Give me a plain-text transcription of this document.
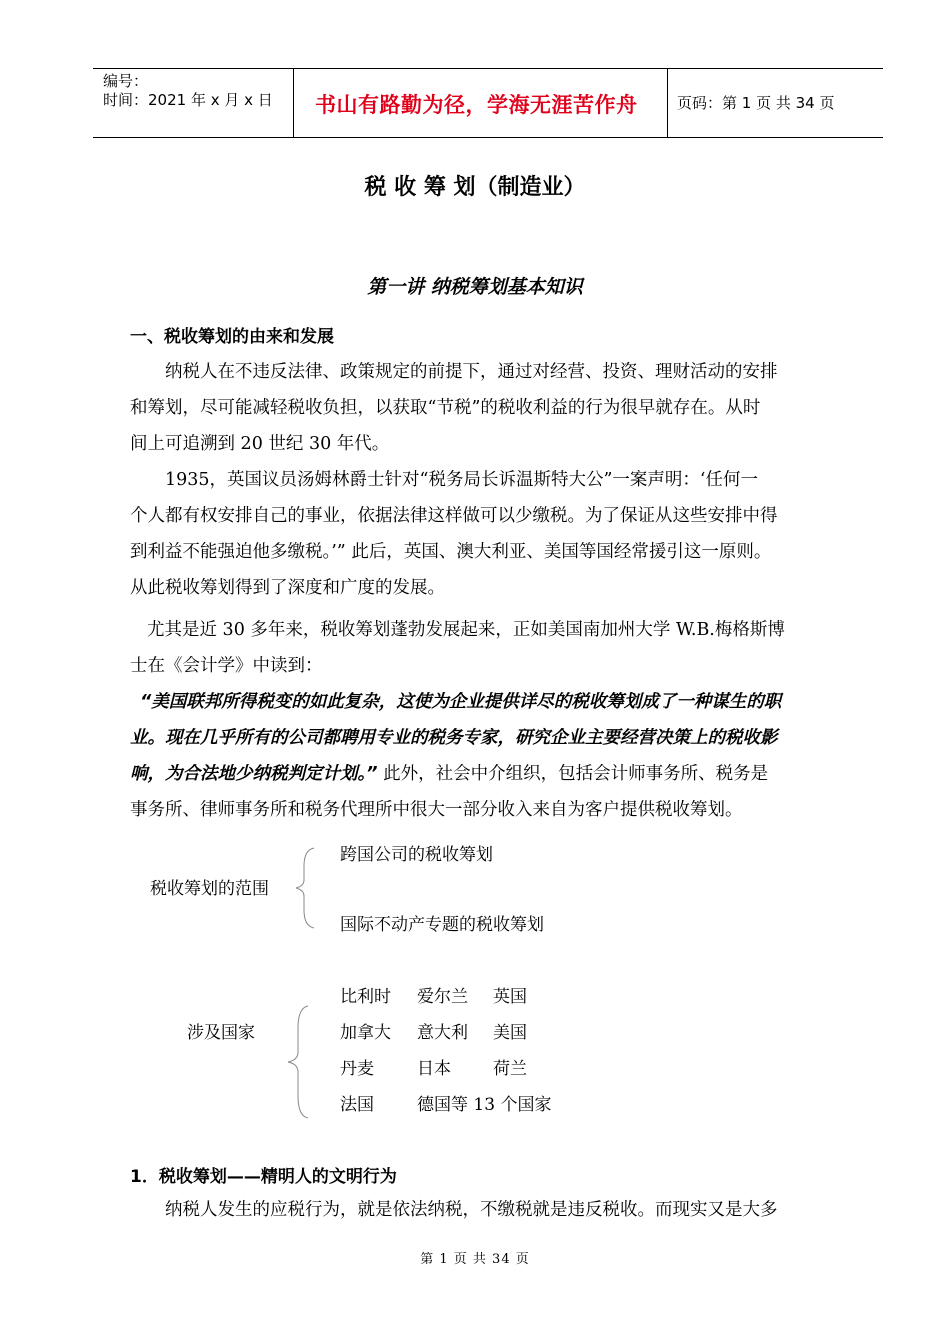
编号：
时间：2021 年 x 月 x 日 书山有路勤为径，学海无涯苦作舟	页码：第 1 页 共 34 页
税 收 筹 划（制造业）
第一讲 纳税筹划基本知识
一、税收筹划的由来和发展
纳税人在不违反法律、政策规定的前提下，通过对经营、投资、理财活动的安排
和筹划，尽可能减轻税收负担，以获取“节税”的税收利益的行为很早就存在。从时
间上可追溯到 20 世纪 30 年代。
1935，英国议员汤姆林爵士针对“税务局长诉温斯特大公”一案声明：‘任何一
个人都有权安排自己的事业，依据法律这样做可以少缴税。为了保证从这些安排中得
到利益不能强迫他多缴税。’” 此后，英国、澳大利亚、美国等国经常援引这一原则。
从此税收筹划得到了深度和广度的发展。
尤其是近 30 多年来，税收筹划蓬勃发展起来，正如美国南加州大学 W.B.梅格斯博
士在《会计学》中读到：
“美国联邦所得税变的如此复杂，这使为企业提供详尽的税收筹划成了一种谋生的职
业。现在几乎所有的公司都聘用专业的税务专家，研究企业主要经营决策上的税收影
响，为合法地少纳税判定计划。” 此外，社会中介组织，包括会计师事务所、税务是
事务所、律师事务所和税务代理所中很大一部分收入来自为客户提供税收筹划。
税收筹划的范围
跨国公司的税收筹划
国际不动产专题的税收筹划
涉及国家
比利时 爱尔兰 英国
加拿大 意大利 美国
丹麦	日本 荷兰
法国	德国等 13 个国家
1．税收筹划——精明人的文明行为
纳税人发生的应税行为，就是依法纳税，不缴税就是违反税收。而现实又是大多
第 1 页 共 34 页
